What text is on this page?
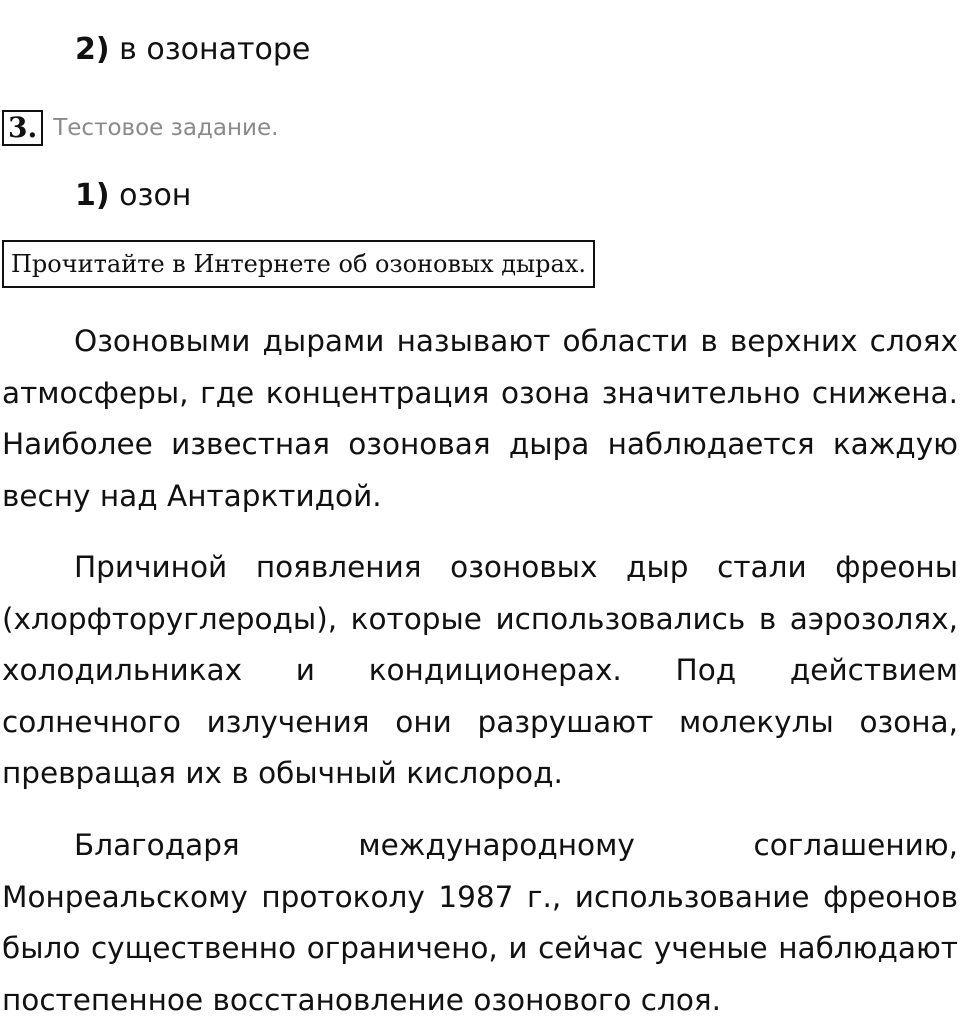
2) в озонаторе
3. Тестовое задание.
1) озон
Прочитайте в Интернете об озоновых дырах.

Озоновыми дырами называют области в верхних слоях атмосферы, где концентрация озона значительно снижена. Наиболее известная озоновая дыра наблюдается каждую весну над Антарктидой.

Причиной появления озоновых дыр стали фреоны (хлорфторуглероды), которые использовались в аэрозолях, холодильниках и кондиционерах. Под действием солнечного излучения они разрушают молекулы озона, превращая их в обычный кислород.

Благодаря международному соглашению, Монреальскому протоколу 1987 г., использование фреонов было существенно ограничено, и сейчас ученые наблюдают постепенное восстановление озонового слоя.
